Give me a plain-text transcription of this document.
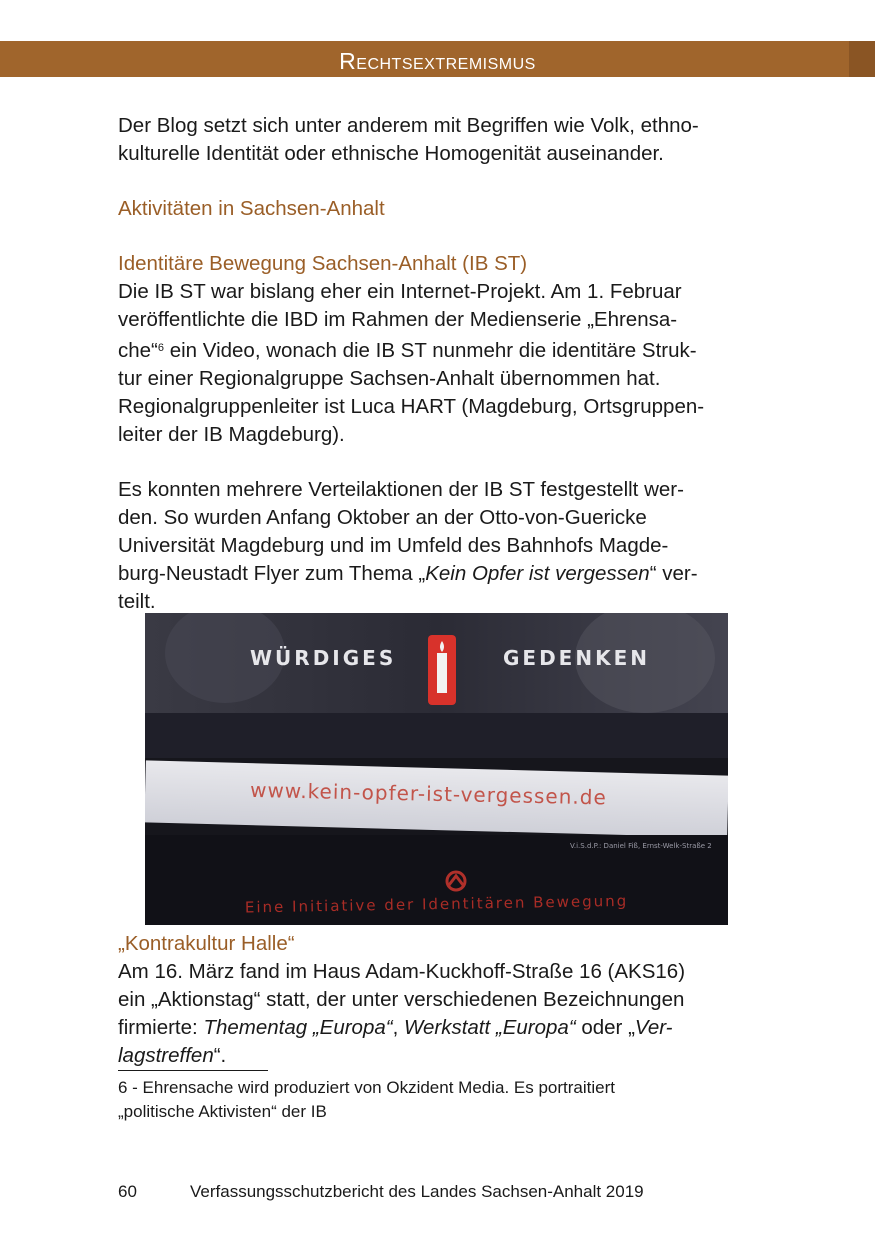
Rechtsextremismus

Der Blog setzt sich unter anderem mit Begriffen wie Volk, ethno-
kulturelle Identität oder ethnische Homogenität auseinander.

Aktivitäten in Sachsen-Anhalt

Identitäre Bewegung Sachsen-Anhalt (IB ST)

Die IB ST war bislang eher ein Internet-Projekt. Am 1. Februar
veröffentlichte die IBD im Rahmen der Medienserie „Ehrensa-
che“$^6$ ein Video, wonach die IB ST nunmehr die identitäre Struk-
tur einer Regionalgruppe Sachsen-Anhalt übernommen hat.
Regionalgruppenleiter ist Luca HART (Magdeburg, Ortsgruppen-
leiter der IB Magdeburg).

Es konnten mehrere Verteilaktionen der IB ST festgestellt wer-
den. So wurden Anfang Oktober an der Otto-von-Guericke
Universität Magdeburg und im Umfeld des Bahnhofs Magde-
burg-Neustadt Flyer zum Thema „Kein Opfer ist vergessen“ ver-
teilt.

WÜRDIGES	GEDENKEN
www.kein-opfer-ist-vergessen.de
V.i.S.d.P.: Daniel Fiß, Ernst-Welk-Straße 2
Eine Initiative der Identitären Bewegung

„Kontrakultur Halle“

Am 16. März fand im Haus Adam-Kuckhoff-Straße 16 (AKS16)
ein „Aktionstag“ statt, der unter verschiedenen Bezeichnungen
firmierte: Thementag „Europa“, Werkstatt „Europa“ oder „Ver-
lagstreffen“.

6 - Ehrensache wird produziert von Okzident Media. Es portraitiert
„politische Aktivisten“ der IB
60	Verfassungsschutzbericht des Landes Sachsen-Anhalt 2019
